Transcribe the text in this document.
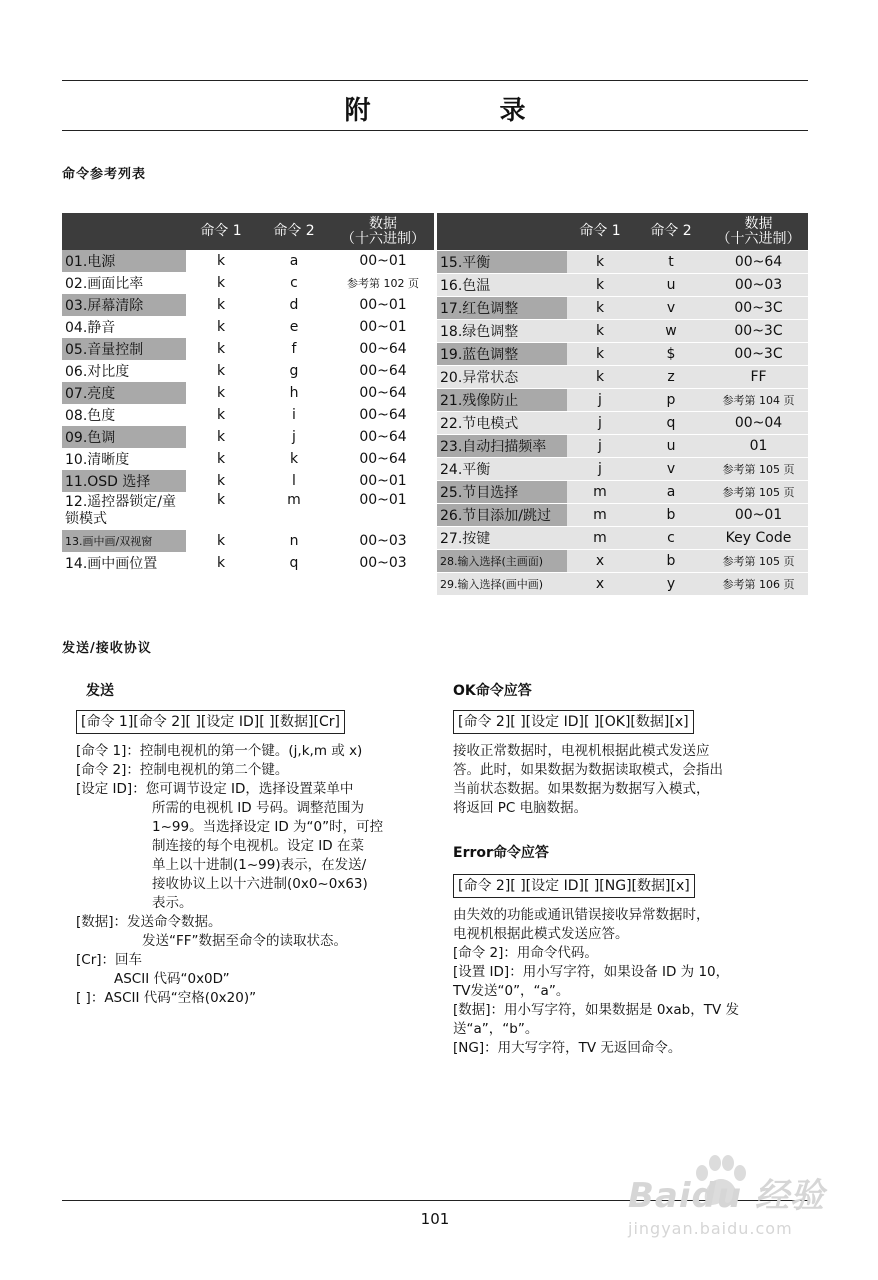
附 录
命令参考列表
	命令 1	命令 2	数据
（十六进制）
01.电源	k	a	00~01
02.画面比率	k	c	参考第 102 页
03.屏幕清除	k	d	00~01
04.静音	k	e	00~01
05.音量控制	k	f	00~64
06.对比度	k	g	00~64
07.亮度	k	h	00~64
08.色度	k	i	00~64
09.色调	k	j	00~64
10.清晰度	k	k	00~64
11.OSD 选择	k	l	00~01
12.遥控器锁定/童锁模式	k	m	00~01
13.画中画/双视窗	k	n	00~03
14.画中画位置	k	q	00~03
	命令 1	命令 2	数据
（十六进制）
15.平衡	k	t	00~64
16.色温	k	u	00~03
17.红色调整	k	v	00~3C
18.绿色调整	k	w	00~3C
19.蓝色调整	k	$	00~3C
20.异常状态	k	z	FF
21.残像防止	j	p	参考第 104 页
22.节电模式	j	q	00~04
23.自动扫描频率	j	u	01
24.平衡	j	v	参考第 105 页
25.节目选择	m	a	参考第 105 页
26.节目添加/跳过	m	b	00~01
27.按键	m	c	Key Code
28.输入选择(主画面)	x	b	参考第 105 页
29.输入选择(画中画)	x	y	参考第 106 页
发送/接收协议
发送
[命令 1][命令 2][ ][设定 ID][ ][数据][Cr]

[命令 1]：控制电视机的第一个键。(j,k,m 或 x)

[命令 2]：控制电视机的第二个键。

[设定 ID]：您可调节设定 ID，选择设置菜单中

所需的电视机 ID 号码。调整范围为

1~99。当选择设定 ID 为“0”时，可控

制连接的每个电视机。设定 ID 在菜

单上以十进制(1~99)表示，在发送/

接收协议上以十六进制(0x0~0x63)

表示。

[数据]：发送命令数据。

发送“FF”数据至命令的读取状态。

[Cr]：回车

ASCII 代码“0x0D”

[ ]：ASCII 代码“空格(0x20)”

OK命令应答
[命令 2][ ][设定 ID][ ][OK][数据][x]

接收正常数据时，电视机根据此模式发送应

答。此时，如果数据为数据读取模式，会指出

当前状态数据。如果数据为数据写入模式，

将返回 PC 电脑数据。

Error命令应答
[命令 2][ ][设定 ID][ ][NG][数据][x]

由失效的功能或通讯错误接收异常数据时，

电视机根据此模式发送应答。

[命令 2]：用命令代码。

[设置 ID]：用小写字符，如果设备 ID 为 10，

TV发送“0”，“a”。

[数据]：用小写字符，如果数据是 0xab，TV 发

送“a”，“b”。

[NG]：用大写字符，TV 无返回命令。

101
Baidu 经验
jingyan.baidu.com
